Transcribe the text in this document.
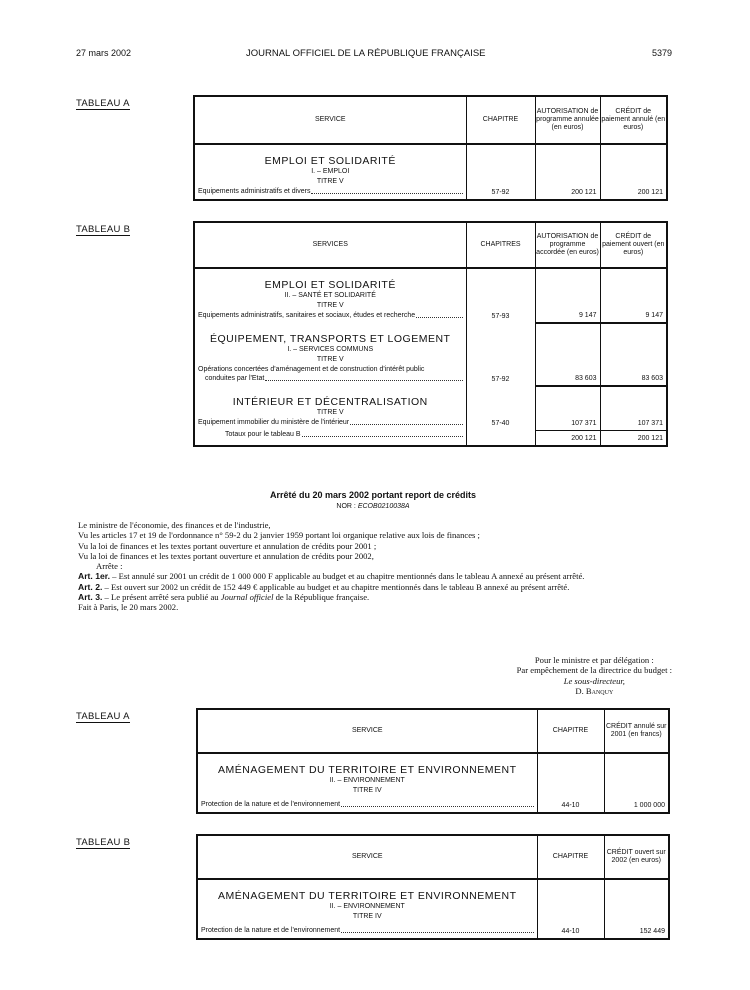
27 mars 2002	JOURNAL OFFICIEL DE LA RÉPUBLIQUE FRANÇAISE	5379
TABLEAU A
SERVICE	CHAPITRE	AUTORISATION de programme annulée (en euros)	CRÉDIT de paiement annulé (en euros)

EMPLOI ET SOLIDARITÉ
I. – EMPLOI
TITRE V
Equipements administratifs et divers	57-92	200 121	200 121
TABLEAU B
SERVICES	CHAPITRES	AUTORISATION de programme accordée (en euros)	CRÉDIT de paiement ouvert (en euros)

EMPLOI ET SOLIDARITÉ
II. – SANTÉ ET SOLIDARITÉ
TITRE V
Equipements administratifs, sanitaires et sociaux, études et recherche	57-93	9 147	9 147

ÉQUIPEMENT, TRANSPORTS ET LOGEMENT
I. – SERVICES COMMUNS
TITRE V
Opérations concertées d'aménagement et de construction d'intérêt public
conduites par l'Etat	57-92	83 603	83 603

INTÉRIEUR ET DÉCENTRALISATION
TITRE V
Equipement immobilier du ministère de l'intérieur	57-40	107 371	107 371

Totaux pour le tableau B
	200 121	200 121
Arrêté du 20 mars 2002 portant report de crédits
NOR : ECOB0210038A

Le ministre de l'économie, des finances et de l'industrie,

Vu les articles 17 et 19 de l'ordonnance n° 59-2 du 2 janvier 1959 portant loi organique relative aux lois de finances ;

Vu la loi de finances et les textes portant ouverture et annulation de crédits pour 2001 ;

Vu la loi de finances et les textes portant ouverture et annulation de crédits pour 2002,

Arrête :

Art. 1er. – Est annulé sur 2001 un crédit de 1 000 000 F applicable au budget et au chapitre mentionnés dans le tableau A annexé au présent arrêté.

Art. 2. – Est ouvert sur 2002 un crédit de 152 449 € applicable au budget et au chapitre mentionnés dans le tableau B annexé au présent arrêté.

Art. 3. – Le présent arrêté sera publié au Journal officiel de la République française.

Fait à Paris, le 20 mars 2002.

Pour le ministre et par délégation :
Par empêchement de la directrice du budget :
Le sous-directeur,
D. Banquy
TABLEAU A
SERVICE	CHAPITRE	CRÉDIT annulé sur 2001 (en francs)

AMÉNAGEMENT DU TERRITOIRE ET ENVIRONNEMENT
II. – ENVIRONNEMENT
TITRE IV
Protection de la nature et de l'environnement	44-10	1 000 000
TABLEAU B
SERVICE	CHAPITRE	CRÉDIT ouvert sur 2002 (en euros)

AMÉNAGEMENT DU TERRITOIRE ET ENVIRONNEMENT
II. – ENVIRONNEMENT
TITRE IV
Protection de la nature et de l'environnement	44-10	152 449
